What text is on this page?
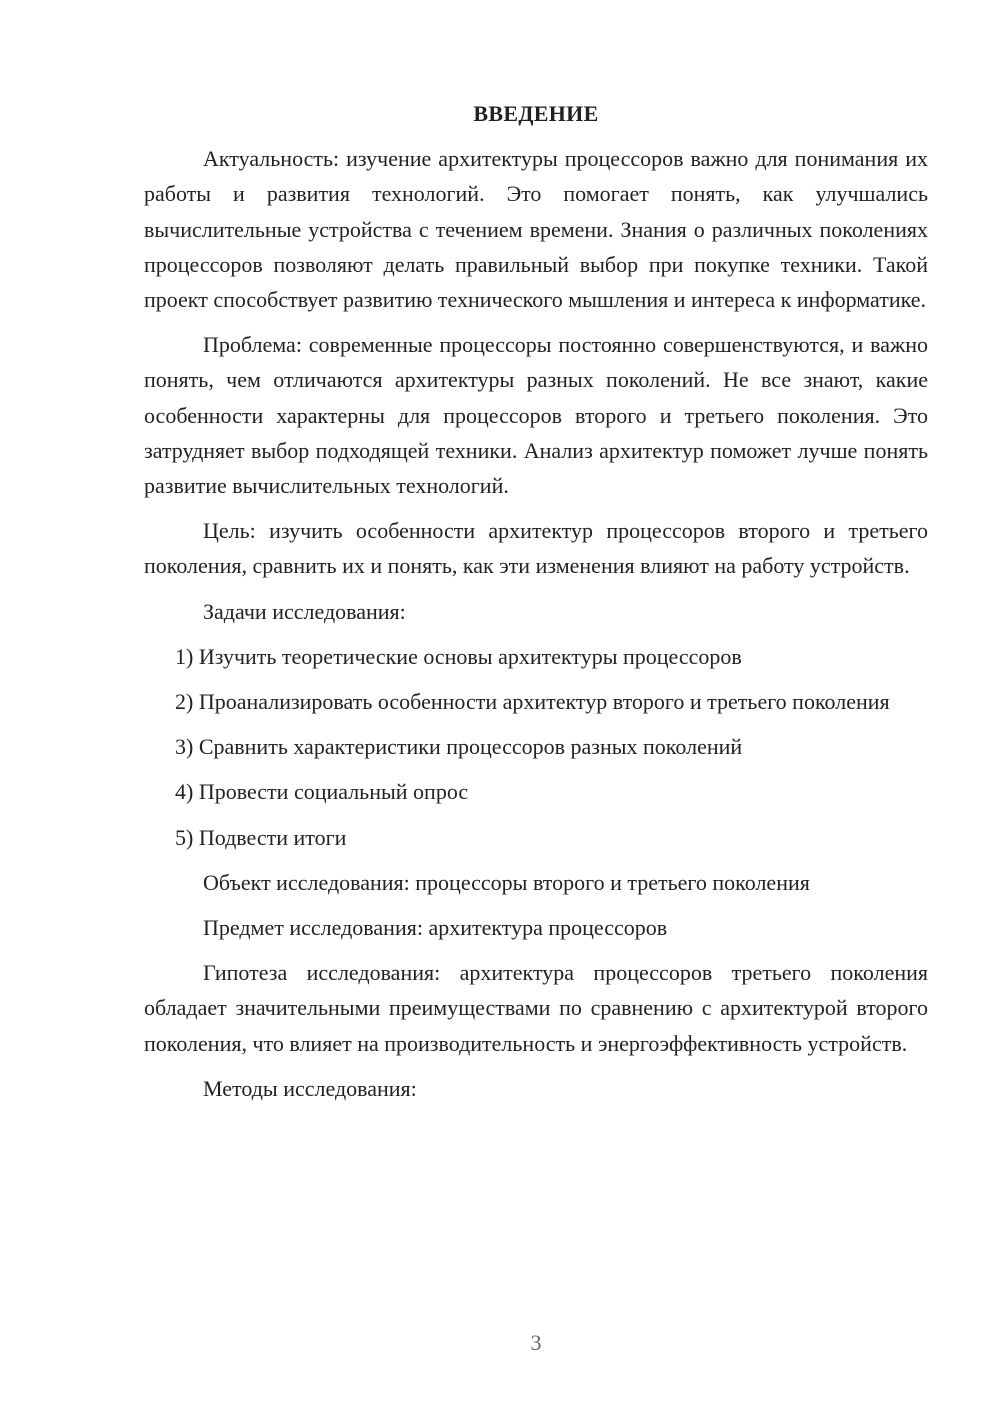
ВВЕДЕНИЕ

Актуальность: изучение архитектуры процессоров важно для понимания их работы и развития технологий. Это помогает понять, как улучшались вычислительные устройства с течением времени. Знания о различных поколениях процессоров позволяют делать правильный выбор при покупке техники. Такой проект способствует развитию технического мышления и интереса к информатике.

Проблема: современные процессоры постоянно совершенствуются, и важно понять, чем отличаются архитектуры разных поколений. Не все знают, какие особенности характерны для процессоров второго и третьего поколения. Это затрудняет выбор подходящей техники. Анализ архитектур поможет лучше понять развитие вычислительных технологий.

Цель: изучить особенности архитектур процессоров второго и третьего поколения, сравнить их и понять, как эти изменения влияют на работу устройств.

Задачи исследования:

1) Изучить теоретические основы архитектуры процессоров

2) Проанализировать особенности архитектур второго и третьего поколения

3) Сравнить характеристики процессоров разных поколений

4) Провести социальный опрос

5) Подвести итоги

Объект исследования: процессоры второго и третьего поколения

Предмет исследования: архитектура процессоров

Гипотеза исследования: архитектура процессоров третьего поколения обладает значительными преимуществами по сравнению с архитектурой второго поколения, что влияет на производительность и энергоэффективность устройств.

Методы исследования:

3
